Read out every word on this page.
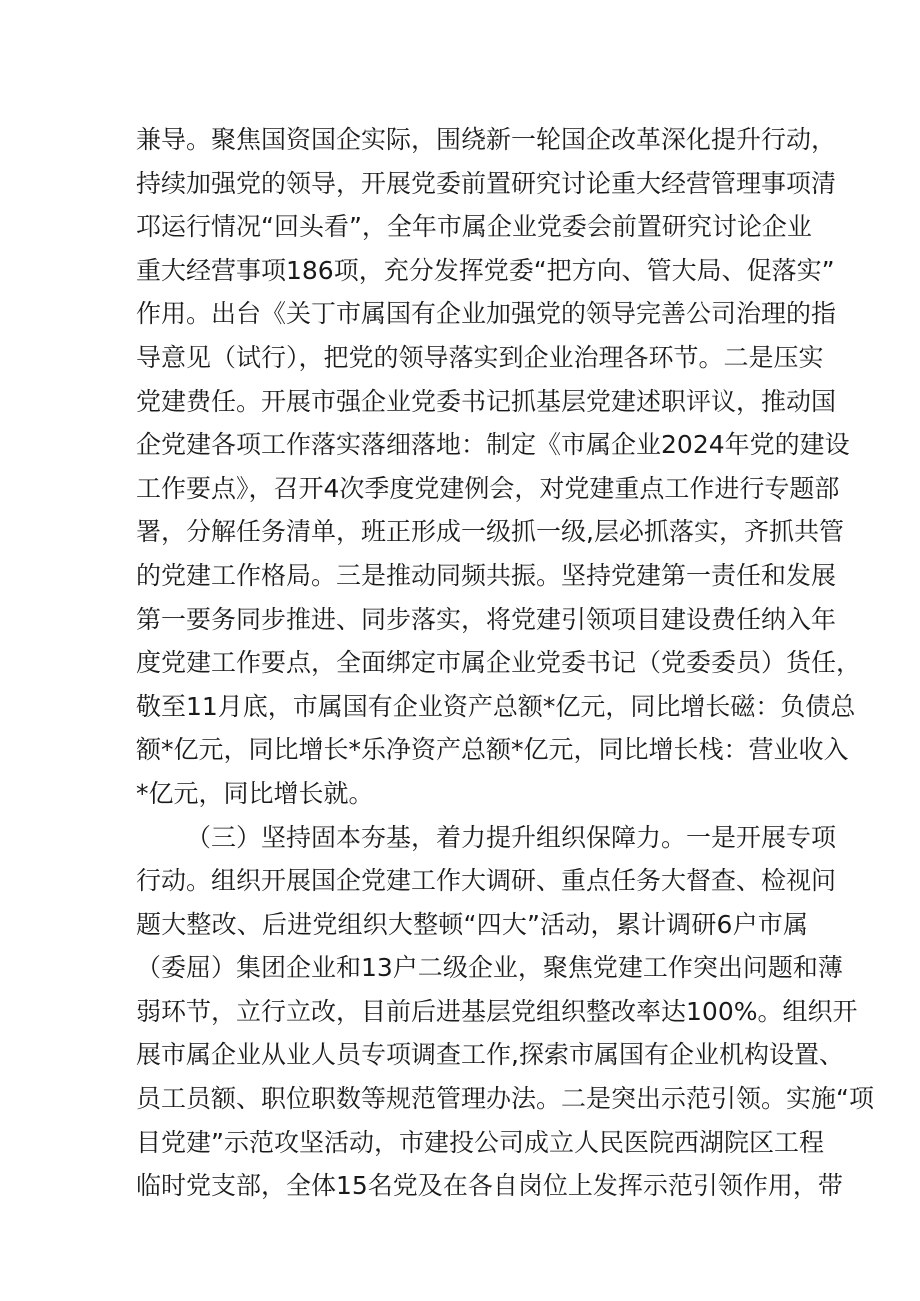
兼导。聚焦国资国企实际，围绕新一轮国企改革深化提升行动，
持续加强党的领导，开展党委前置研究讨论重大经营管理事项清
邛运行情况“回头看”，全年市属企业党委会前置研究讨论企业
重大经营事项186项，充分发挥党委“把方向、管大局、促落实”
作用。出台《关丁市属国有企业加强党的领导完善公司治理的指
导意见（试行），把党的领导落实到企业治理各环节。二是压实
党建费任。开展市强企业党委书记抓基层党建述职评议，推动国
企党建各项工作落实落细落地：制定《市属企业2024年党的建设
工作要点》，召开4次季度党建例会，对党建重点工作进行专题部
署，分解任务清单，班正形成一级抓一级,层必抓落实，齐抓共管
的党建工作格局。三是推动同频共振。坚持党建第一责任和发展
第一要务同步推进、同步落实，将党建引领项目建设费任纳入年
度党建工作要点，全面绑定市属企业党委书记（党委委员）货任，
敬至11月底，市属国有企业资产总额*亿元，同比增长磁：负债总
额*亿元，同比增长*乐净资产总额*亿元，同比增长栈：营业收入
*亿元，同比增长就。
（三）坚持固本夯基，着力提升组织保障力。一是开展专项
行动。组织开展国企党建工作大调研、重点任务大督查、检视问
题大整改、后进党组织大整顿“四大”活动，累计调研6户市属
（委屈）集团企业和13户二级企业，聚焦党建工作突出问题和薄
弱环节，立行立改，目前后进基层党组织整改率达100%。组织开
展市属企业从业人员专项调查工作,探索市属国有企业机构设置、
员工员额、职位职数等规范管理办法。二是突出示范引领。实施“项
目党建”示范攻坚活动，市建投公司成立人民医院西湖院区工程
临时党支部，全体15名党及在各自岗位上发挥示范引领作用，带
